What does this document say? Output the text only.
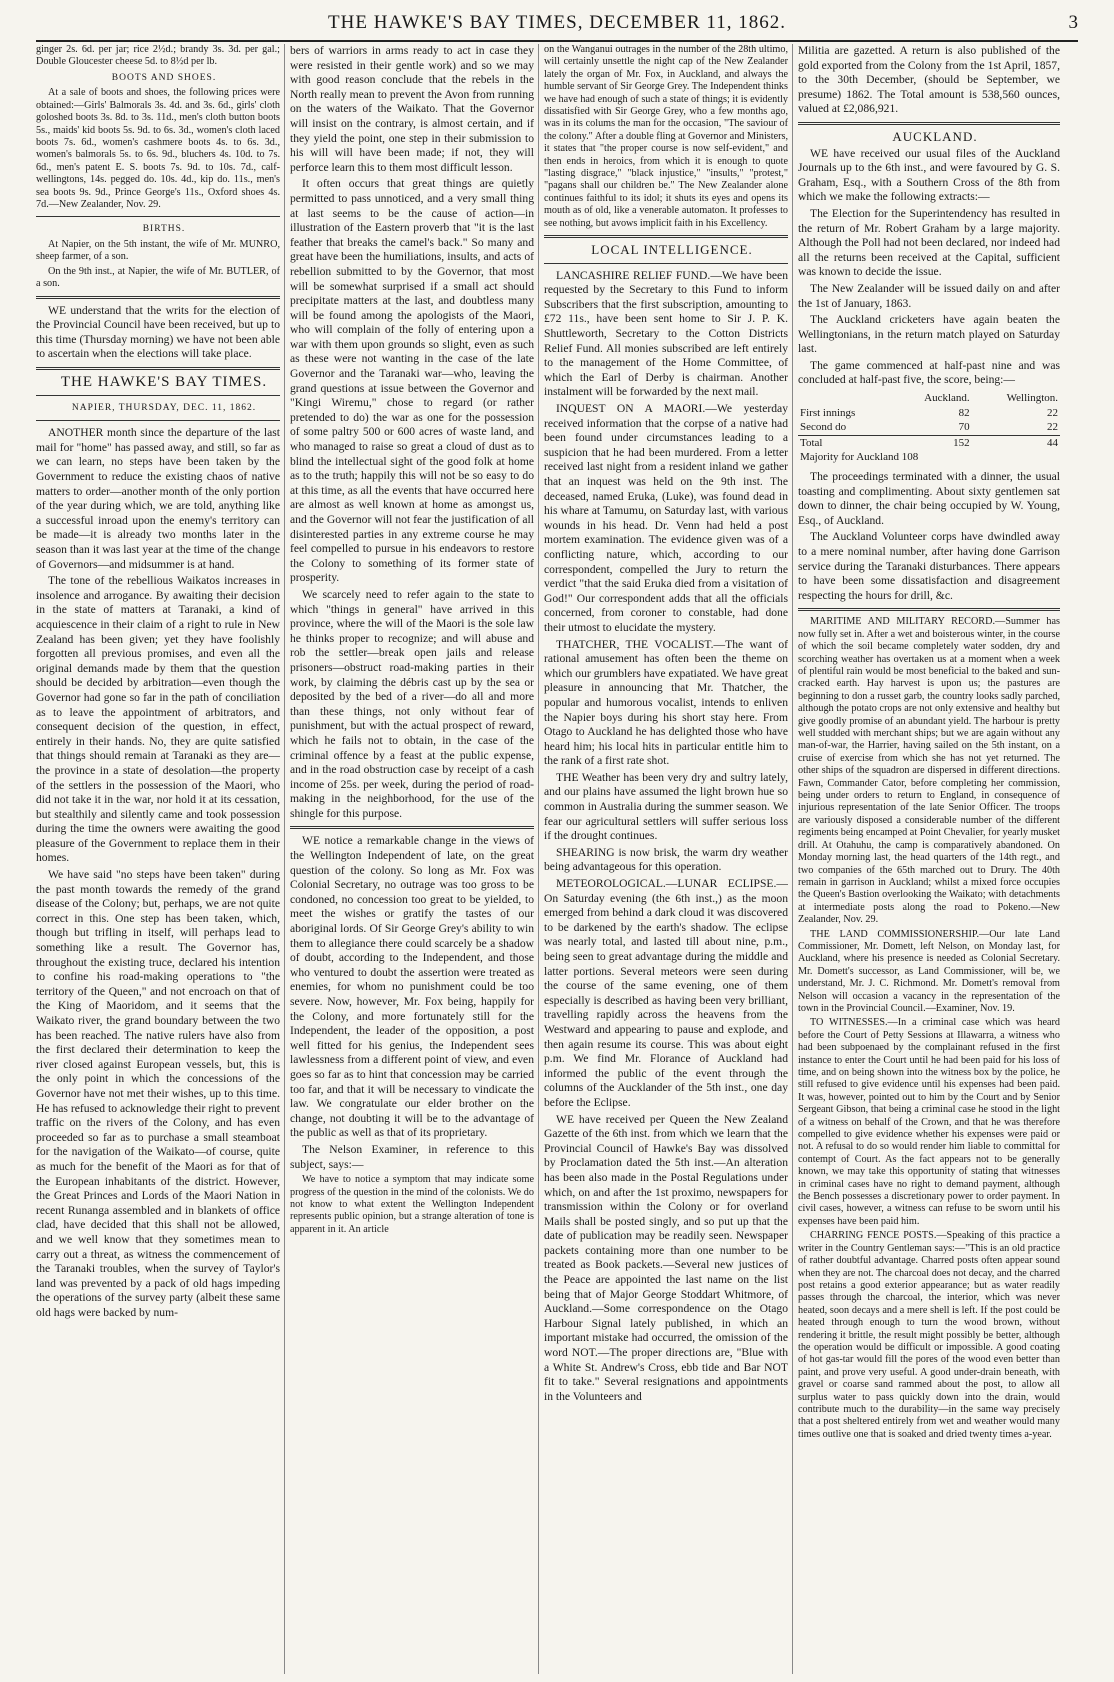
THE HAWKE'S BAY TIMES, DECEMBER 11, 1862.	3

ginger 2s. 6d. per jar; rice 2½d.; brandy 3s. 3d. per gal.; Double Gloucester cheese 5d. to 8½d per lb.

BOOTS AND SHOES.

At a sale of boots and shoes, the following prices were obtained:—Girls' Balmorals 3s. 4d. and 3s. 6d., girls' cloth goloshed boots 3s. 8d. to 3s. 11d., men's cloth button boots 5s., maids' kid boots 5s. 9d. to 6s. 3d., women's cloth laced boots 7s. 6d., women's cashmere boots 4s. to 6s. 3d., women's balmorals 5s. to 6s. 9d., bluchers 4s. 10d. to 7s. 6d., men's patent E. S. boots 7s. 9d. to 10s. 7d., calf-wellingtons, 14s. pegged do. 10s. 4d., kip do. 11s., men's sea boots 9s. 9d., Prince George's 11s., Oxford shoes 4s. 7d.—New Zealander, Nov. 29.

BIRTHS.

At Napier, on the 5th instant, the wife of Mr. MUNRO, sheep farmer, of a son.

On the 9th inst., at Napier, the wife of Mr. BUTLER, of a son.

WE understand that the writs for the election of the Provincial Council have been received, but up to this time (Thursday morning) we have not been able to ascertain when the elections will take place.

THE HAWKE'S BAY TIMES.

NAPIER, THURSDAY, DEC. 11, 1862.

ANOTHER month since the departure of the last mail for "home" has passed away, and still, so far as we can learn, no steps have been taken by the Government to reduce the existing chaos of native matters to order—another month of the only portion of the year during which, we are told, anything like a successful inroad upon the enemy's territory can be made—it is already two months later in the season than it was last year at the time of the change of Governors—and midsummer is at hand.

The tone of the rebellious Waikatos increases in insolence and arrogance. By awaiting their decision in the state of matters at Taranaki, a kind of acquiescence in their claim of a right to rule in New Zealand has been given; yet they have foolishly forgotten all previous promises, and even all the original demands made by them that the question should be decided by arbitration—even though the Governor had gone so far in the path of conciliation as to leave the appointment of arbitrators, and consequent decision of the question, in effect, entirely in their hands. No, they are quite satisfied that things should remain at Taranaki as they are—the province in a state of desolation—the property of the settlers in the possession of the Maori, who did not take it in the war, nor hold it at its cessation, but stealthily and silently came and took possession during the time the owners were awaiting the good pleasure of the Government to replace them in their homes.

We have said "no steps have been taken" during the past month towards the remedy of the grand disease of the Colony; but, perhaps, we are not quite correct in this. One step has been taken, which, though but trifling in itself, will perhaps lead to something like a result. The Governor has, throughout the existing truce, declared his intention to confine his road-making operations to "the territory of the Queen," and not encroach on that of the King of Maoridom, and it seems that the Waikato river, the grand boundary between the two has been reached. The native rulers have also from the first declared their determination to keep the river closed against European vessels, but, this is the only point in which the concessions of the Governor have not met their wishes, up to this time. He has refused to acknowledge their right to prevent traffic on the rivers of the Colony, and has even proceeded so far as to purchase a small steamboat for the navigation of the Waikato—of course, quite as much for the benefit of the Maori as for that of the European inhabitants of the district. However, the Great Princes and Lords of the Maori Nation in recent Runanga assembled and in blankets of office clad, have decided that this shall not be allowed, and we well know that they sometimes mean to carry out a threat, as witness the commencement of the Taranaki troubles, when the survey of Taylor's land was prevented by a pack of old hags impeding the operations of the survey party (albeit these same old hags were backed by num-

bers of warriors in arms ready to act in case they were resisted in their gentle work) and so we may with good reason conclude that the rebels in the North really mean to prevent the Avon from running on the waters of the Waikato. That the Governor will insist on the contrary, is almost certain, and if they yield the point, one step in their submission to his will will have been made; if not, they will perforce learn this to them most difficult lesson.

It often occurs that great things are quietly permitted to pass unnoticed, and a very small thing at last seems to be the cause of action—in illustration of the Eastern proverb that "it is the last feather that breaks the camel's back." So many and great have been the humiliations, insults, and acts of rebellion submitted to by the Governor, that most will be somewhat surprised if a small act should precipitate matters at the last, and doubtless many will be found among the apologists of the Maori, who will complain of the folly of entering upon a war with them upon grounds so slight, even as such as these were not wanting in the case of the late Governor and the Taranaki war—who, leaving the grand questions at issue between the Governor and "Kingi Wiremu," chose to regard (or rather pretended to do) the war as one for the possession of some paltry 500 or 600 acres of waste land, and who managed to raise so great a cloud of dust as to blind the intellectual sight of the good folk at home as to the truth; happily this will not be so easy to do at this time, as all the events that have occurred here are almost as well known at home as amongst us, and the Governor will not fear the justification of all disinterested parties in any extreme course he may feel compelled to pursue in his endeavors to restore the Colony to something of its former state of prosperity.

We scarcely need to refer again to the state to which "things in general" have arrived in this province, where the will of the Maori is the sole law he thinks proper to recognize; and will abuse and rob the settler—break open jails and release prisoners—obstruct road-making parties in their work, by claiming the débris cast up by the sea or deposited by the bed of a river—do all and more than these things, not only without fear of punishment, but with the actual prospect of reward, which he fails not to obtain, in the case of the criminal offence by a feast at the public expense, and in the road obstruction case by receipt of a cash income of 25s. per week, during the period of road-making in the neighborhood, for the use of the shingle for this purpose.

WE notice a remarkable change in the views of the Wellington Independent of late, on the great question of the colony. So long as Mr. Fox was Colonial Secretary, no outrage was too gross to be condoned, no concession too great to be yielded, to meet the wishes or gratify the tastes of our aboriginal lords. Of Sir George Grey's ability to win them to allegiance there could scarcely be a shadow of doubt, according to the Independent, and those who ventured to doubt the assertion were treated as enemies, for whom no punishment could be too severe. Now, however, Mr. Fox being, happily for the Colony, and more fortunately still for the Independent, the leader of the opposition, a post well fitted for his genius, the Independent sees lawlessness from a different point of view, and even goes so far as to hint that concession may be carried too far, and that it will be necessary to vindicate the law. We congratulate our elder brother on the change, not doubting it will be to the advantage of the public as well as that of its proprietary.

The Nelson Examiner, in reference to this subject, says:—

We have to notice a symptom that may indicate some progress of the question in the mind of the colonists. We do not know to what extent the Wellington Independent represents public opinion, but a strange alteration of tone is apparent in it. An article

on the Wanganui outrages in the number of the 28th ultimo, will certainly unsettle the night cap of the New Zealander lately the organ of Mr. Fox, in Auckland, and always the humble servant of Sir George Grey. The Independent thinks we have had enough of such a state of things; it is evidently dissatisfied with Sir George Grey, who a few months ago, was in its colums the man for the occasion, "The saviour of the colony." After a double fling at Governor and Ministers, it states that "the proper course is now self-evident," and then ends in heroics, from which it is enough to quote "lasting disgrace," "black injustice," "insults," "protest," "pagans shall our children be." The New Zealander alone continues faithful to its idol; it shuts its eyes and opens its mouth as of old, like a venerable automaton. It professes to see nothing, but avows implicit faith in his Excellency.

LOCAL INTELLIGENCE.

LANCASHIRE RELIEF FUND.—We have been requested by the Secretary to this Fund to inform Subscribers that the first subscription, amounting to £72 11s., have been sent home to Sir J. P. K. Shuttleworth, Secretary to the Cotton Districts Relief Fund. All monies subscribed are left entirely to the management of the Home Committee, of which the Earl of Derby is chairman. Another instalment will be forwarded by the next mail.

INQUEST ON A MAORI.—We yesterday received information that the corpse of a native had been found under circumstances leading to a suspicion that he had been murdered. From a letter received last night from a resident inland we gather that an inquest was held on the 9th inst. The deceased, named Eruka, (Luke), was found dead in his whare at Tamumu, on Saturday last, with various wounds in his head. Dr. Venn had held a post mortem examination. The evidence given was of a conflicting nature, which, according to our correspondent, compelled the Jury to return the verdict "that the said Eruka died from a visitation of God!" Our correspondent adds that all the officials concerned, from coroner to constable, had done their utmost to elucidate the mystery.

THATCHER, THE VOCALIST.—The want of rational amusement has often been the theme on which our grumblers have expatiated. We have great pleasure in announcing that Mr. Thatcher, the popular and humorous vocalist, intends to enliven the Napier boys during his short stay here. From Otago to Auckland he has delighted those who have heard him; his local hits in particular entitle him to the rank of a first rate shot.

THE Weather has been very dry and sultry lately, and our plains have assumed the light brown hue so common in Australia during the summer season. We fear our agricultural settlers will suffer serious loss if the drought continues.

SHEARING is now brisk, the warm dry weather being advantageous for this operation.

METEOROLOGICAL.—LUNAR ECLIPSE.—On Saturday evening (the 6th inst.,) as the moon emerged from behind a dark cloud it was discovered to be darkened by the earth's shadow. The eclipse was nearly total, and lasted till about nine, p.m., being seen to great advantage during the middle and latter portions. Several meteors were seen during the course of the same evening, one of them especially is described as having been very brilliant, travelling rapidly across the heavens from the Westward and appearing to pause and explode, and then again resume its course. This was about eight p.m. We find Mr. Florance of Auckland had informed the public of the event through the columns of the Aucklander of the 5th inst., one day before the Eclipse.

WE have received per Queen the New Zealand Gazette of the 6th inst. from which we learn that the Provincial Council of Hawke's Bay was dissolved by Proclamation dated the 5th inst.—An alteration has been also made in the Postal Regulations under which, on and after the 1st proximo, newspapers for transmission within the Colony or for overland Mails shall be posted singly, and so put up that the date of publication may be readily seen. Newspaper packets containing more than one number to be treated as Book packets.—Several new justices of the Peace are appointed the last name on the list being that of Major George Stoddart Whitmore, of Auckland.—Some correspondence on the Otago Harbour Signal lately published, in which an important mistake had occurred, the omission of the word NOT.—The proper directions are, "Blue with a White St. Andrew's Cross, ebb tide and Bar NOT fit to take." Several resignations and appointments in the Volunteers and

Militia are gazetted. A return is also published of the gold exported from the Colony from the 1st April, 1857, to the 30th December, (should be September, we presume) 1862. The Total amount is 538,560 ounces, valued at £2,086,921.

AUCKLAND.

WE have received our usual files of the Auckland Journals up to the 6th inst., and were favoured by G. S. Graham, Esq., with a Southern Cross of the 8th from which we make the following extracts:—

The Election for the Superintendency has resulted in the return of Mr. Robert Graham by a large majority. Although the Poll had not been declared, nor indeed had all the returns been received at the Capital, sufficient was known to decide the issue.

The New Zealander will be issued daily on and after the 1st of January, 1863.

The Auckland cricketers have again beaten the Wellingtonians, in the return match played on Saturday last.

The game commenced at half-past nine and was concluded at half-past five, the score, being:—

	Auckland.	Wellington.
First innings	82	22
Second do	70	22
Total	152	44
Majority for Auckland 108		

The proceedings terminated with a dinner, the usual toasting and complimenting. About sixty gentlemen sat down to dinner, the chair being occupied by W. Young, Esq., of Auckland.

The Auckland Volunteer corps have dwindled away to a mere nominal number, after having done Garrison service during the Taranaki disturbances. There appears to have been some dissatisfaction and disagreement respecting the hours for drill, &c.

MARITIME AND MILITARY RECORD.—Summer has now fully set in. After a wet and boisterous winter, in the course of which the soil became completely water sodden, dry and scorching weather has overtaken us at a moment when a week of plentiful rain would be most beneficial to the baked and sun-cracked earth. Hay harvest is upon us; the pastures are beginning to don a russet garb, the country looks sadly parched, although the potato crops are not only extensive and healthy but give goodly promise of an abundant yield. The harbour is pretty well studded with merchant ships; but we are again without any man-of-war, the Harrier, having sailed on the 5th instant, on a cruise of exercise from which she has not yet returned. The other ships of the squadron are dispersed in different directions. Fawn, Commander Cator, before completing her commission, being under orders to return to England, in consequence of injurious representation of the late Senior Officer. The troops are variously disposed a considerable number of the different regiments being encamped at Point Chevalier, for yearly musket drill. At Otahuhu, the camp is comparatively abandoned. On Monday morning last, the head quarters of the 14th regt., and two companies of the 65th marched out to Drury. The 40th remain in garrison in Auckland; whilst a mixed force occupies the Queen's Bastion overlooking the Waikato; with detachments at intermediate posts along the road to Pokeno.—New Zealander, Nov. 29.

THE LAND COMMISSIONERSHIP.—Our late Land Commissioner, Mr. Domett, left Nelson, on Monday last, for Auckland, where his presence is needed as Colonial Secretary. Mr. Domett's successor, as Land Commissioner, will be, we understand, Mr. J. C. Richmond. Mr. Domett's removal from Nelson will occasion a vacancy in the representation of the town in the Provincial Council.—Examiner, Nov. 19.

TO WITNESSES.—In a criminal case which was heard before the Court of Petty Sessions at Illawarra, a witness who had been subpoenaed by the complainant refused in the first instance to enter the Court until he had been paid for his loss of time, and on being shown into the witness box by the police, he still refused to give evidence until his expenses had been paid. It was, however, pointed out to him by the Court and by Senior Sergeant Gibson, that being a criminal case he stood in the light of a witness on behalf of the Crown, and that he was therefore compelled to give evidence whether his expenses were paid or not. A refusal to do so would render him liable to committal for contempt of Court. As the fact appears not to be generally known, we may take this opportunity of stating that witnesses in criminal cases have no right to demand payment, although the Bench possesses a discretionary power to order payment. In civil cases, however, a witness can refuse to be sworn until his expenses have been paid him.

CHARRING FENCE POSTS.—Speaking of this practice a writer in the Country Gentleman says:—"This is an old practice of rather doubtful advantage. Charred posts often appear sound when they are not. The charcoal does not decay, and the charred post retains a good exterior appearance; but as water readily passes through the charcoal, the interior, which was never heated, soon decays and a mere shell is left. If the post could be heated through enough to turn the wood brown, without rendering it brittle, the result might possibly be better, although the operation would be difficult or impossible. A good coating of hot gas-tar would fill the pores of the wood even better than paint, and prove very useful. A good under-drain beneath, with gravel or coarse sand rammed about the post, to allow all surplus water to pass quickly down into the drain, would contribute much to the durability—in the same way precisely that a post sheltered entirely from wet and weather would many times outlive one that is soaked and dried twenty times a-year.
